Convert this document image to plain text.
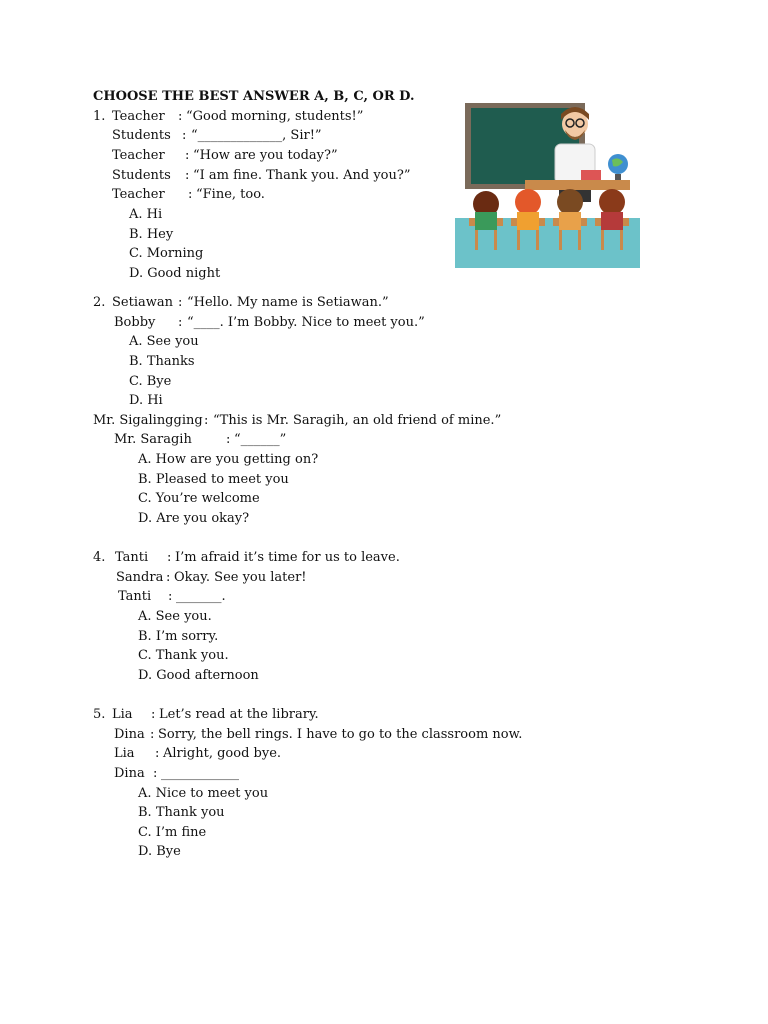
CHOOSE THE BEST ANSWER A, B, C, OR D.
1. Teacher : “Good morning, students!”
Students : “_____________, Sir!”
Teacher : “How are you today?”
Students : “I am fine. Thank you. And you?”
Teacher : “Fine, too.
A. Hi
B. Hey
C. Morning
D. Good night
2. Setiawan : “Hello. My name is Setiawan.”
Bobby : “____. I’m Bobby. Nice to meet you.”
A. See you
B. Thanks
C. Bye
D. Hi
Mr. Sigalingging : “This is Mr. Saragih, an old friend of mine.”
Mr. Saragih	: “______”
A. How are you getting on?
B. Pleased to meet you
C. You’re welcome
D. Are you okay?
4. Tanti : I’m afraid it’s time for us to leave.
Sandra : Okay. See you later!
Tanti : _______.
A. See you.
B. I’m sorry.
C. Thank you.
D. Good afternoon
5. Lia : Let’s read at the library.
Dina : Sorry, the bell rings. I have to go to the classroom now.
Lia : Alright, good bye.
Dina : ____________
A. Nice to meet you
B. Thank you
C. I’m fine
D. Bye
